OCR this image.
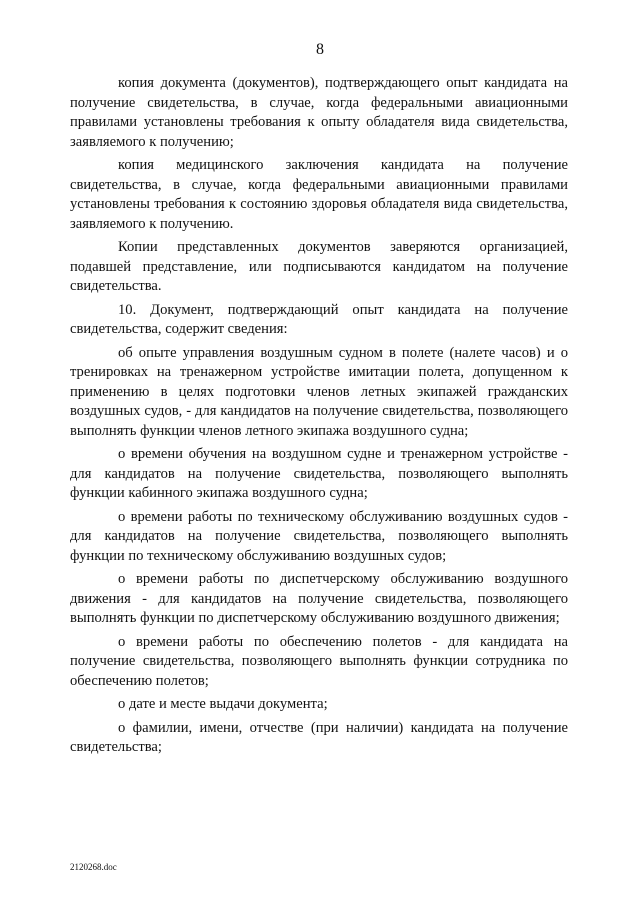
8

копия документа (документов), подтверждающего опыт кандидата на получение свидетельства, в случае, когда федеральными авиационными правилами установлены требования к опыту обладателя вида свидетельства, заявляемого к получению;

копия медицинского заключения кандидата на получение свидетельства, в случае, когда федеральными авиационными правилами установлены требования к состоянию здоровья обладателя вида свидетельства, заявляемого к получению.

Копии представленных документов заверяются организацией, подавшей представление, или подписываются кандидатом на получение свидетельства.

10. Документ, подтверждающий опыт кандидата на получение свидетельства, содержит сведения:

об опыте управления воздушным судном в полете (налете часов) и о тренировках на тренажерном устройстве имитации полета, допущенном к применению в целях подготовки членов летных экипажей гражданских воздушных судов, - для кандидатов на получение свидетельства, позволяющего выполнять функции членов летного экипажа воздушного судна;

о времени обучения на воздушном судне и тренажерном устройстве - для кандидатов на получение свидетельства, позволяющего выполнять функции кабинного экипажа воздушного судна;

о времени работы по техническому обслуживанию воздушных судов - для кандидатов на получение свидетельства, позволяющего выполнять функции по техническому обслуживанию воздушных судов;

о времени работы по диспетчерскому обслуживанию воздушного движения - для кандидатов на получение свидетельства, позволяющего выполнять функции по диспетчерскому обслуживанию воздушного движения;

о времени работы по обеспечению полетов - для кандидата на получение свидетельства, позволяющего выполнять функции сотрудника по обеспечению полетов;

о дате и месте выдачи документа;

о фамилии, имени, отчестве (при наличии) кандидата на получение свидетельства;

2120268.doc
